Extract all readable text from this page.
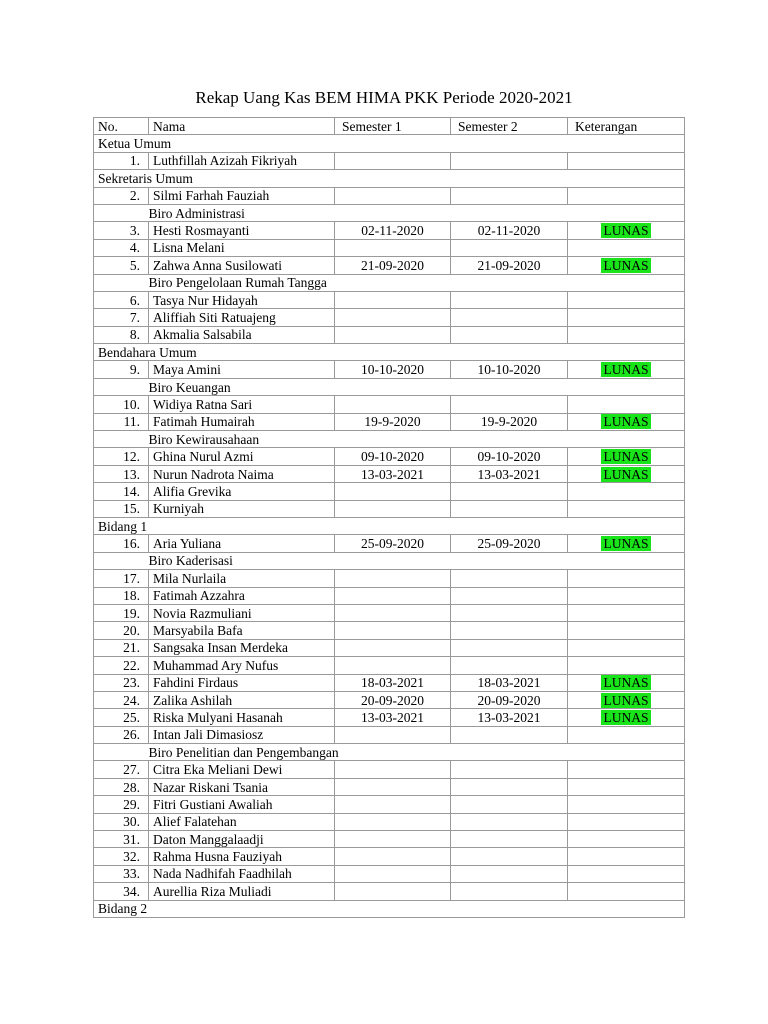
Rekap Uang Kas BEM HIMA PKK Periode 2020-2021
No.	Nama	Semester 1	Semester 2	Keterangan
Ketua Umum				
1.	Luthfillah Azizah Fikriyah			
Sekretaris Umum				
2.	Silmi Farhah Fauziah			
	Biro Administrasi			
3.	Hesti Rosmayanti	02-11-2020	02-11-2020	LUNAS
4.	Lisna Melani			
5.	Zahwa Anna Susilowati	21-09-2020	21-09-2020	LUNAS
	Biro Pengelolaan Rumah Tangga			
6.	Tasya Nur Hidayah			
7.	Aliffiah Siti Ratuajeng			
8.	Akmalia Salsabila			
Bendahara Umum				
9.	Maya Amini	10-10-2020	10-10-2020	LUNAS
	Biro Keuangan			
10.	Widiya Ratna Sari			
11.	Fatimah Humairah	19-9-2020	19-9-2020	LUNAS
	Biro Kewirausahaan			
12.	Ghina Nurul Azmi	09-10-2020	09-10-2020	LUNAS
13.	Nurun Nadrota Naima	13-03-2021	13-03-2021	LUNAS
14.	Alifia Grevika			
15.	Kurniyah			
Bidang 1				
16.	Aria Yuliana	25-09-2020	25-09-2020	LUNAS
	Biro Kaderisasi			
17.	Mila Nurlaila			
18.	Fatimah Azzahra			
19.	Novia Razmuliani			
20.	Marsyabila Bafa			
21.	Sangsaka Insan Merdeka			
22.	Muhammad Ary Nufus			
23.	Fahdini Firdaus	18-03-2021	18-03-2021	LUNAS
24.	Zalika Ashilah	20-09-2020	20-09-2020	LUNAS
25.	Riska Mulyani Hasanah	13-03-2021	13-03-2021	LUNAS
26.	Intan Jali Dimasiosz			
	Biro Penelitian dan Pengembangan			
27.	Citra Eka Meliani Dewi			
28.	Nazar Riskani Tsania			
29.	Fitri Gustiani Awaliah			
30.	Alief Falatehan			
31.	Daton Manggalaadji			
32.	Rahma Husna Fauziyah			
33.	Nada Nadhifah Faadhilah			
34.	Aurellia Riza Muliadi			
Bidang 2				
